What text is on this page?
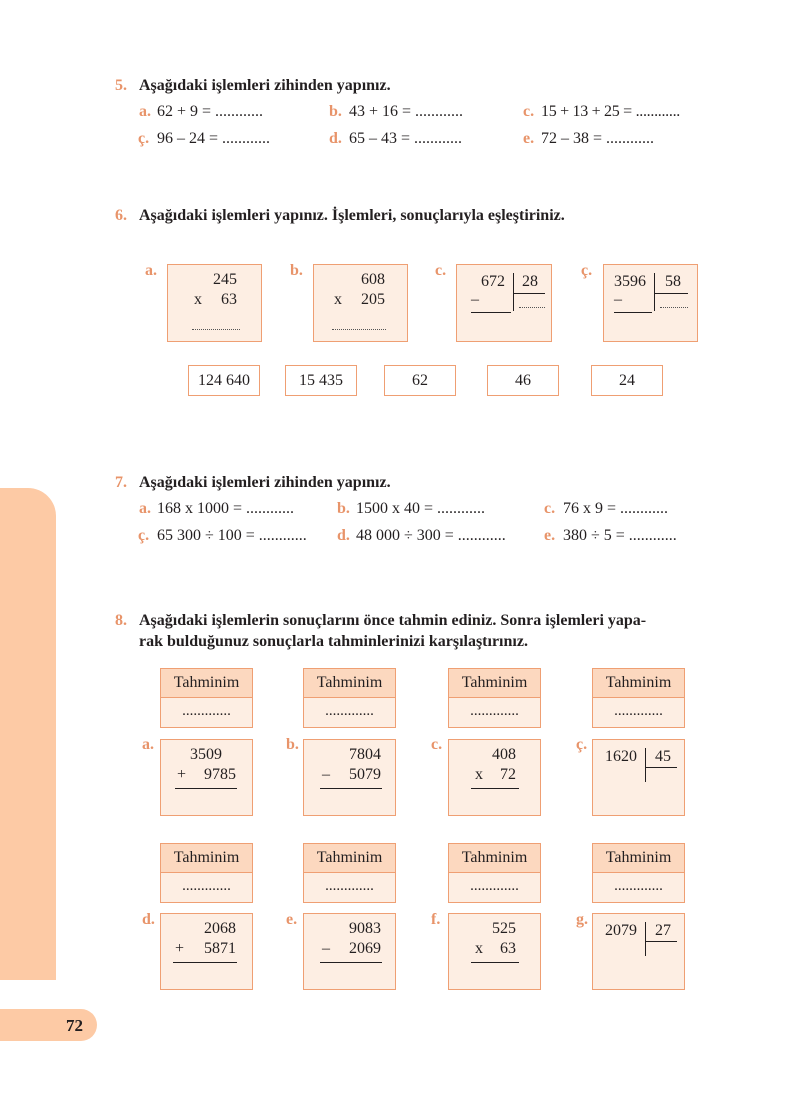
72
5. Aşağıdaki işlemleri zihinden yapınız.
a. 62 + 9 = ............	b. 43 + 16 = ............	c. 15 + 13 + 25 = ............
ç. 96 – 24 = ............	d. 65 – 43 = ............	e. 72 – 38 = ............
6. Aşağıdaki işlemleri yapınız. İşlemleri, sonuçlarıyla eşleştiriniz.
a.
245
x 63
b.
608
x 205
c.
672 28
–
ç.
3596 58
–
124 640	15 435	62	46	24
7. Aşağıdaki işlemleri zihinden yapınız.
a. 168 x 1000 = ............	b. 1500 x 40 = ............	c. 76 x 9 = ............
ç. 65 300 ÷ 100 = ............ d. 48 000 ÷ 300 = ............ e. 380 ÷ 5 = ............
8. Aşağıdaki işlemlerin sonuçlarını önce tahmin ediniz. Sonra işlemleri yapa-
rak bulduğunuz sonuçlarla tahminlerinizi karşılaştırınız.
Tahminim
.............
Tahminim
.............
Tahminim
.............
Tahminim
.............
a.
3509
+ 9785
b.
7804
– 5079
c.
408
x 72
ç.
1620 45
Tahminim
.............
Tahminim
.............
Tahminim
.............
Tahminim
.............
d.
2068
+ 5871
e.
9083
– 2069
f.
525
x 63
g.
2079 27
